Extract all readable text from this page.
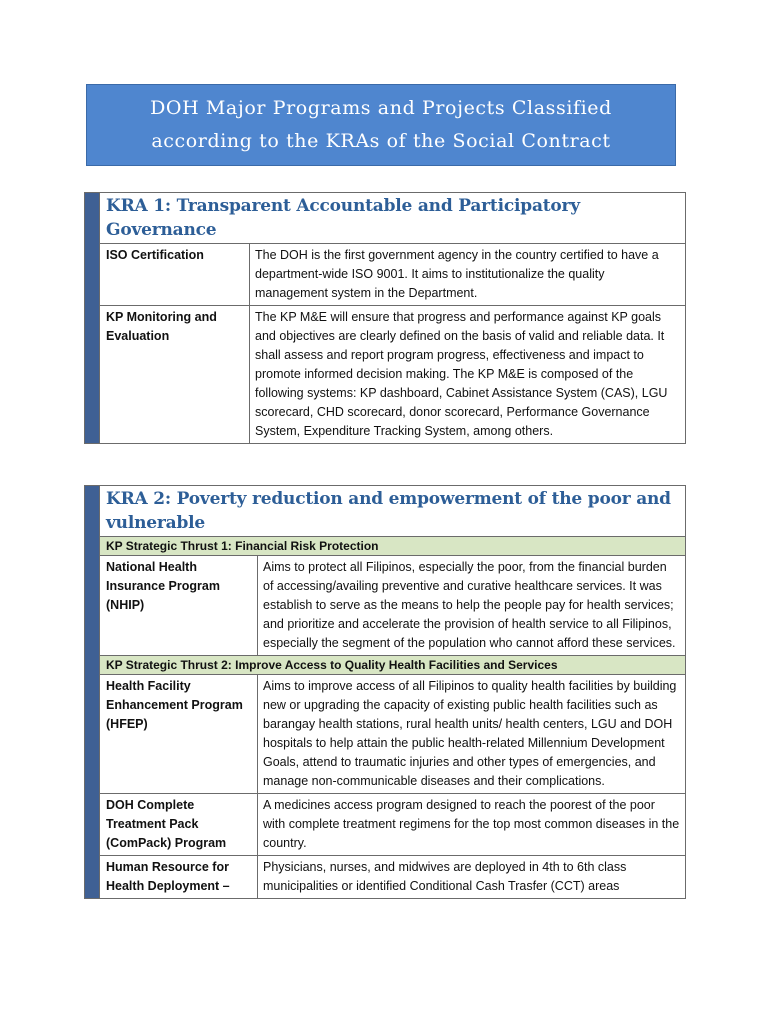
DOH Major Programs and Projects Classified
according to the KRAs of the Social Contract
KRA 1: Transparent Accountable and Participatory Governance
ISO Certification	The DOH is the first government agency in the country certified to have a department-wide ISO 9001. It aims to institutionalize the quality management system in the Department.
KP Monitoring and Evaluation
The KP M&E will ensure that progress and performance against KP goals and objectives are clearly defined on the basis of valid and reliable data. It shall assess and report program progress, effectiveness and impact to promote informed decision making. The KP M&E is composed of the following systems: KP dashboard, Cabinet Assistance System (CAS), LGU scorecard, CHD scorecard, donor scorecard, Performance Governance System, Expenditure Tracking System, among others.
KRA 2: Poverty reduction and empowerment of the poor and vulnerable
KP Strategic Thrust 1: Financial Risk Protection
National Health Insurance Program (NHIP)
Aims to protect all Filipinos, especially the poor, from the financial burden of accessing/availing preventive and curative healthcare services. It was establish to serve as the means to help the people pay for health services; and prioritize and accelerate the provision of health service to all Filipinos, especially the segment of the population who cannot afford these services.
KP Strategic Thrust 2: Improve Access to Quality Health Facilities and Services
Health Facility Enhancement Program (HFEP)
Aims to improve access of all Filipinos to quality health facilities by building new or upgrading the capacity of existing public health facilities such as barangay health stations, rural health units/ health centers, LGU and DOH hospitals to help attain the public health-related Millennium Development Goals, attend to traumatic injuries and other types of emergencies, and manage non-communicable diseases and their complications.
DOH Complete Treatment Pack (ComPack) Program
A medicines access program designed to reach the poorest of the poor with complete treatment regimens for the top most common diseases in the country.
Human Resource for Health Deployment –
Physicians, nurses, and midwives are deployed in 4th to 6th class municipalities or identified Conditional Cash Trasfer (CCT) areas
